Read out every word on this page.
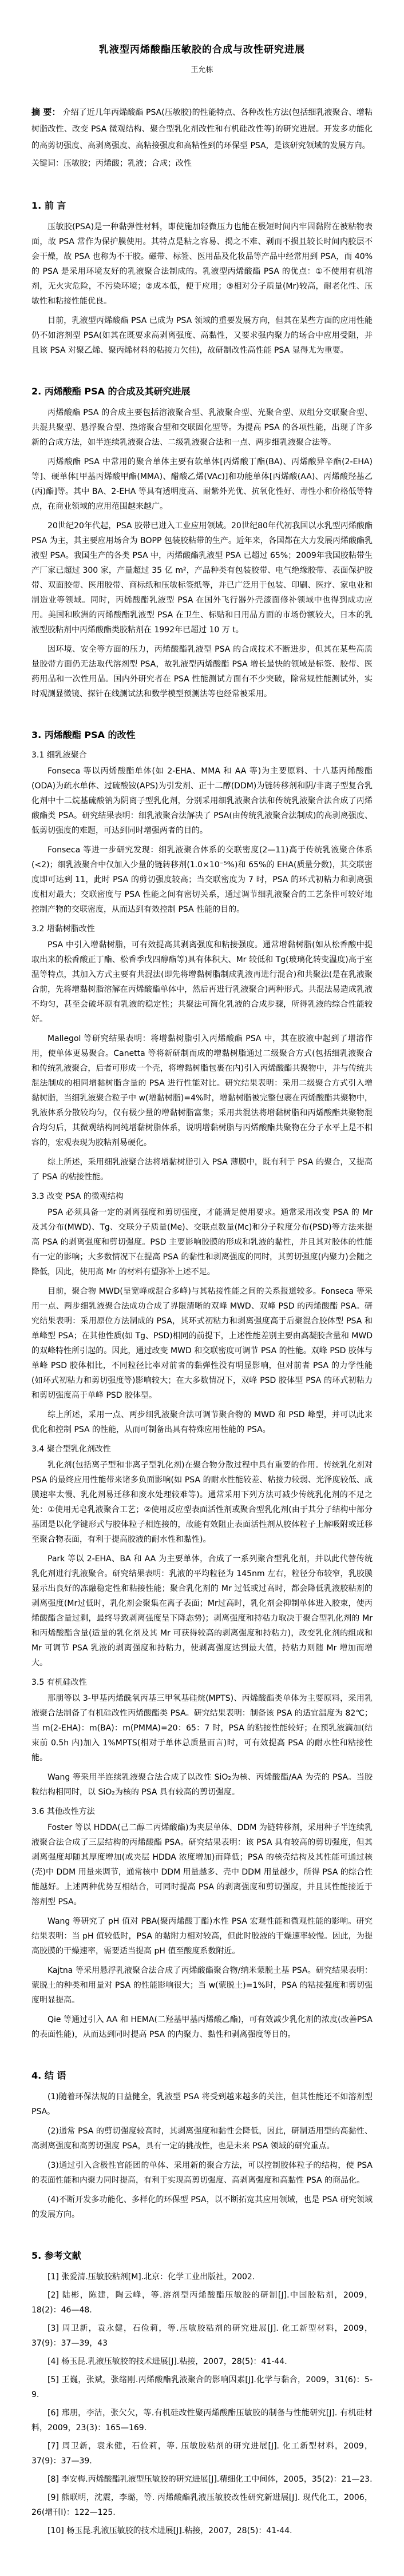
乳液型丙烯酸酯压敏胶的合成与改性研究进展
王允栋

摘 要： 介绍了近几年丙烯酸酯 PSA(压敏胶)的性能特点、各种改性方法(包括细乳液聚合、增粘树脂改性、改变 PSA 微观结构、聚合型乳化剂改性和有机硅改性等)的研究进展。开发多功能化的高剪切强度、高剥离强度、高粘接强度和高粘性到的环保型 PSA，是该研究领域的发展方向。

关键词：压敏胶；丙烯酸；乳液；合成；改性

1. 前 言

压敏胶(PSA)是一种黏弹性材料，即使施加轻微压力也能在极短时间内牢固黏附在被粘物表面，故 PSA 常作为保护膜使用。其特点是粘之容易、揭之不难、剥而不损且较长时间内胶层不会干燥，故 PSA 也称为不干胶。磁带、标签、医用品及化妆品等产品中经常用到 PSA，而 40%的 PSA 是采用环境友好的乳液聚合法制成的。乳液型丙烯酸酯 PSA 的优点：①不使用有机溶剂，无火灾危险，不污染环境；②成本低，便于应用；③相对分子质量(Mr)较高，耐老化性、压敏性和粘接性能优良。

目前，乳液型丙烯酸酯 PSA 已成为 PSA 领域的重要发展方向，但其在某些方面的应用性能仍不如溶剂型 PSA(如其在既要求高剥离强度、高黏性，又要求强内聚力的场合中应用受阻，并且该 PSA 对聚乙烯、聚丙烯材料的粘接力欠佳)，故研制改性高性能 PSA 显得尤为重要。

2. 丙烯酸酯 PSA 的合成及其研究进展

丙烯酸酯 PSA 的合成主要包括溶液聚合型、乳液聚合型、光聚合型、双组分交联聚合型、共混共聚型、悬浮聚合型、热熔聚合型和交联固化型等。为提高 PSA 的各项性能，出现了许多新的合成方法，如半连续乳液聚合法、二级乳液聚合法和一点、两步细乳液聚合法等。

丙烯酸酯 PSA 中常用的聚合单体主要有软单体[丙烯酸丁酯(BA)、丙烯酸异辛酯(2-EHA)等]、硬单体[甲基丙烯酸甲酯(MMA)、醋酸乙烯(VAc)]和功能单体[丙烯酸(AA)、丙烯酸羟基乙(丙)酯]等。其中 BA、2-EHA 等具有透明度高、耐紫外光优、抗氧化性好、毒性小和价格低等特点，在商业领域的应用范围越来越广。

20世纪20年代起，PSA 胶带已进入工业应用领域。20世纪80年代初我国以水乳型丙烯酸酯 PSA 为主，其主要应用场合为 BOPP 包装胶粘带的生产。近年来，各国都在大力发展丙烯酸酯乳液型 PSA。我国生产的各类 PSA 中，丙烯酸酯乳液型 PSA 已超过 65%；2009年我国胶粘带生产厂家已超过 300 家，产量超过 35 亿 m²，产品种类有包装胶带、电气绝缘胶带、表面保护胶带、双面胶带、医用胶带、商标纸和压敏标签纸等，并已广泛用于包装、印刷、医疗、家电业和制造业等领域。同时，丙烯酸酯乳液型 PSA 在国外飞行器外壳漆面修补领域中也得到成功应用。美国和欧洲的丙烯酸酯乳液型 PSA 在卫生、标贴和日用品方面的市场份额较大，日本的乳液型胶粘剂中丙烯酸酯类胶粘剂在 1992年已超过 10 万 t。

因环境、安全等方面的压力，丙烯酸酯乳液型 PSA 的合成技术不断进步，但其在某些高质量胶带方面仍无法取代溶剂型 PSA，故乳液型丙烯酸酯 PSA 增长最快的领域是标签、胶带、医药用品和一次性用品。国内外研究者在 PSA 性能测试方面有不少突破，除常规性能测试外，实时观测显微镜、探针在线测试法和数学模型预测法等也经常被采用。

3. 丙烯酸酯 PSA 的改性
3.1 细乳液聚合

Fonseca 等以丙烯酸酯单体(如 2-EHA、MMA 和 AA 等)为主要原料、十八基丙烯酸酯(ODA)为疏水单体、过硫酸铵(APS)为引发剂、正十二醇(DDM)为链转移剂和阴/非离子型复合乳化剂中十二烷基硫酸钠为阴离子型乳化剂，分别采用细乳液聚合法和传统乳液聚合法合成了丙烯酸酯类 PSA。研究结果表明：细乳液聚合法解决了 PSA(由传统乳液聚合法制成)的高剥离强度、低剪切强度的难题，可达到同时增强两者的目的。

Fonseca 等进一步研究发现：细乳液聚合体系的交联密度(2—11)高于传统乳液聚合体系(<2)；细乳液聚合中仅加入少量的链转移剂(1.0×10⁻⁵%)和 65%的 EHA(质量分数)，其交联密度即可达到 11，此时 PSA 的剪切强度较高；当交联密度为 7 时，PSA 的环式初粘力和剥离强度相对最大；交联密度与 PSA 性能之间有密切关系，通过调节细乳液聚合的工艺条件可较好地控制产物的交联密度，从而达到有效控制 PSA 性能的目的。

3.2 增黏树脂改性

PSA 中引入增黏树脂，可有效提高其剥离强度和粘接强度。通常增黏树脂(如从松香酸中提取出来的松香酸正丁酯、松香季戊四醇酯等)具有体积大、Mr 较低和 Tg(玻璃化转变温度)高于室温等特点，其加入方式主要有共混法(即先将增黏树脂制成乳液再进行混合)和共聚法(是在乳液聚合前，先将增黏树脂溶解在丙烯酸酯单体中，然后再进行乳液聚合)两种形式。共混法易造成乳液不均匀，甚至会破坏原有乳液的稳定性；共聚法可简化乳液的合成步骤，所得乳液的综合性能较好。

Mallegol 等研究结果表明：将增黏树脂引入丙烯酸酯 PSA 中，其在胶液中起到了增溶作用，使单体更易聚合。Canetta 等将新研制而成的增黏树脂通过二级聚合方式(包括细乳液聚合和传统乳液聚合，后者可形成一个壳，将增黏树脂包裹在内)引入丙烯酸酯共聚物中，并与传统共混法制成的相同增黏树脂含量的 PSA 进行性能对比。研究结果表明：采用二级聚合方式引入增黏树脂，当细乳液聚合粒子中 w(增黏树脂)=4%时，增黏树脂被完整包裹在丙烯酸酯共聚物中，乳液体系分散较均匀，仅有极少量的增黏树脂富集；采用共混法将增黏树脂和丙烯酸酯共聚物混合均匀后，其微观结构同纯增黏树脂体系，说明增黏树脂与丙烯酸酯共聚物在分子水平上是不相容的，宏观表现为胶粘剂易硬化。

综上所述，采用细乳液聚合法将增黏树脂引入 PSA 薄膜中，既有利于 PSA 的聚合，又提高了 PSA 的粘接性能。

3.3 改变 PSA 的微观结构

PSA 必须具备一定的剥离强度和剪切强度，才能满足使用要求。通常采用改变 PSA 的 Mr 及其分布(MWD)、Tg、交联分子质量(Me)、交联点数量(Mc)和分子粒度分布(PSD)等方法来提高 PSA 的剥离强度和剪切强度。PSD 主要影响胶膜的形成和乳液的黏性，并且其对胶体的性能有一定的影响；大多数情况下在提高 PSA 的黏性和剥离强度的同时，其剪切强度(内聚力)会随之降低，因此，使用高 Mr 的材料有望弥补上述不足。

目前，聚合物 MWD(呈宽峰或混合多峰)与其粘接性能之间的关系报道较多。Fonseca 等采用一点、两步细乳液聚合法成功合成了界限清晰的双峰 MWD、双峰 PSD 的丙烯酸酯 PSA。研究结果表明：采用原位方法制成的 PSA，其环式初粘力和剥离强度高于后聚混合胶体型 PSA 和单峰型 PSA；在其他性质(如 Tg、PSD)相同的前提下，上述性能差别主要由高凝胶含量和 MWD 的双峰特性所引起的。因此，通过改变 MWD 和交联密度可调节 PSA 的性能。双峰 PSD 胶体与单峰 PSD 胶体相比，不同粒径比率对前者的黏弹性没有明显影响，但对前者 PSA 的力学性能(如环式初粘力和剪切强度等)影响较大；在大多数情况下，双峰 PSD 胶体型 PSA 的环式初粘力和剪切强度高于单峰 PSD 胶体型。

综上所述，采用一点、两步细乳液聚合法可调节聚合物的 MWD 和 PSD 峰型，并可以此来优化和控制 PSA 的性能，从而可制备出具有特殊应用性能的 PSA。

3.4 聚合型乳化剂改性

乳化剂(包括离子型和非离子型乳化剂)在聚合物分散过程中具有重要的作用。传统乳化剂对 PSA 的最终应用性能带来诸多负面影响(如 PSA 的耐水性能较差、粘接力较弱、光泽度较低、成膜速率太慢、乳化剂易迁移和废水处理较难等)。通常采用下列方法可减少传统乳化剂的不足之处：①使用无皂乳液聚合工艺；②使用反应型表面活性剂或聚合型乳化剂(由于其分子结构中部分基团是以化学键形式与胶体粒子相连接的，故能有效阻止表面活性剂从胶体粒子上解吸附或迁移至聚合物表面，有利于提高胶液的耐水性和黏性)。

Park 等以 2-EHA、BA 和 AA 为主要单体，合成了一系列聚合型乳化剂，并以此代替传统乳化剂进行乳液聚合。研究结果表明：乳液的平均粒径为 145nm 左右，粒径分布较窄，乳胶膜显示出良好的冻融稳定性和粘接性能；聚合乳化剂的 Mr 过低或过高时，都会降低乳液胶粘剂的剥离强度(Mr过低时，乳化剂会聚集在离子表面；Mr过高时，乳化剂会抑制单体进入胶束，使丙烯酸酯含量过剩，最终导致剥离强度呈下降态势)；剥离强度和持粘力取决于聚合型乳化剂的 Mr 和丙烯酸酯含量(适量的乳化剂及其 Mr 可获得较高的剥离强度和持粘力)，改变乳化剂的组成和 Mr 可调节 PSA 乳液的剥离强度和持粘力，使剥离强度达到最大值，持粘力则随 Mr 增加而增大。

3.5 有机硅改性

邢朋等以 3-甲基丙烯酰氧丙基三甲氧基硅烷(MPTS)、丙烯酸酯类单体为主要原料，采用乳液聚合法制备了有机硅改性丙烯酸酯类 PSA。研究结果表明：制备该 PSA 的适宜温度为 82℃；当 m(2-EHA)：m(BA)：m(PMMA)=20：65：7 时，PSA 的粘接性能较好；在预乳液滴加(结束前 0.5h 内)加入 1%MPTS(相对于单体总质量而言)时，可有效提高 PSA 的耐水性和粘接性能。

Wang 等采用半连续乳液聚合法合成了以改性 SiO₂为核、丙烯酸酯/AA 为壳的 PSA。当胶粒结构相同时，以 SiO₂为核的 PSA 具有较高的剪切强度。

3.6 其他改性方法

Foster 等以 HDDA(己二醇二丙烯酸酯)为夹层单体、DDM 为链转移剂，采用种子半连续乳液聚合法合成了三层结构的丙烯酸酯 PSA。研究结果表明：该 PSA 具有较高的剪切强度，但其剥离强度却随其厚度增加(或夹层 HDDA 浓度增加)而降低；PSA 的核壳结构及其性能可通过核(壳)中 DDM 用量来调节，通常核中 DDM 用量越多、壳中 DDM 用量越少，所得 PSA 的综合性能越好。上述两种优势互相结合，可同时提高 PSA 的剥离强度和剪切强度，并且其性能接近于溶剂型 PSA。

Wang 等研究了 pH 值对 PBA(聚丙烯酸丁酯)水性 PSA 宏观性能和微观性能的影响。研究结果表明：当 pH 值较低时，PSA 的黏附力相对较高，但此时胶液的干燥速率较慢。因此，为提高胶膜的干燥速率，需要适当提高 pH 值至酸度系数附近。

Kajtna 等采用悬浮乳液聚合法合成了丙烯酸酯聚合物/纳米蒙脱土基 PSA。研究结果表明：蒙脱土的种类和用量对 PSA 的性能影响很大；当 w(蒙脱土)=1%时，PSA 的粘接强度和剪切强度明显提高。

Qie 等通过引入 AA 和 HEMA(二羟基甲基丙烯酸乙酯)，可有效减少乳化剂的浓度(改善PSA 的表面性能)，从而达到同时提高 PSA 的内聚力、黏性和剥离强度等目的。

4. 结 语

(1)随着环保法规的日益健全，乳液型 PSA 将受到越来越多的关注，但其性能还不如溶剂型 PSA。

(2)通常 PSA 的剪切强度较高时，其剥离强度和黏性会降低，因此，研制适用型的高黏性、高剥离强度和高剪切强度 PSA，具有一定的挑战性，也是未来 PSA 领域的研究重点。

(3)通过引入含极性官能团的单体、采用新的聚合方法，可以控制胶体粒子的结构，使 PSA 的表面性能和内聚力同时提高，有利于实现高剪切强度、高剥离强度和高黏性 PSA 的商品化。

(4)不断开发多功能化、多样化的环保型 PSA，以不断拓宽其应用领域，也是 PSA 研究领域的发展方向。

5. 参考文献

[1] 张爱清.压敏胶粘剂[M].北京：化学工业出版社，2002.

[2] 陆彬，陈建，陶云峰，等.溶剂型丙烯酸酯压敏胶的研制[J].中国胶粘剂，2009，18(2)：46—48.

[3] 周卫新，袁永健，石俭莉，等.压敏胶粘剂的研究进展[J]. 化工新型材料，2009，37(9)：37—39，43

[4] 杨玉昆.乳液压敏胶的技术进展[J].粘接，2007，28(5)：41-44.

[5] 王巍，张斌，张绪刚.丙烯酸酯乳液聚合的影响因素[J].化学与黏合，2009，31(6)：5-9.

[6] 邢朋，李洁，张欠欠，等.有机硅改性聚丙烯酸酯压敏胶的制备与性能研究[J]. 有机硅材料，2009，23(3)：165—169.

[7] 周卫新，袁永健，石俭莉，等. 压敏胶粘剂的研究进展[J]. 化工新型材料，2009，37(9)：37—39.

[8] 李安梅.丙烯酸酯乳液型压敏胶的研究进展[J].精细化工中间体，2005，35(2)：21—23.

[9] 熊联明，沈震，李璐，等. 丙烯酸酯乳液压敏胶改性研究新进展[J]. 现代化工，2006，26(增刊I)：122—125.

[10] 杨玉昆.乳液压敏胶的技术进展[J].粘接，2007，28(5)：41-44.
